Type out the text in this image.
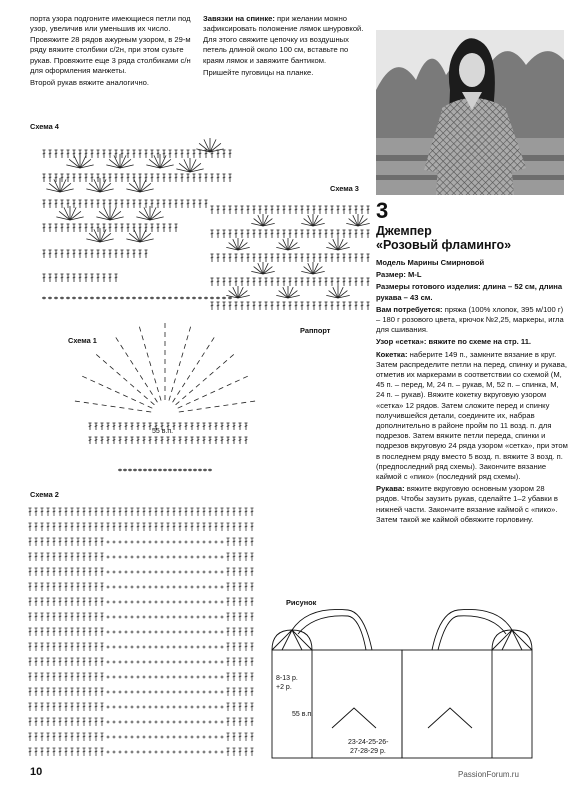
порта узора подгоните имеющиеся петли под узор, увеличив или уменьшив их число. Провяжите 28 рядов ажурным узором, в 29-м ряду вяжите столбики с/2н, при этом сузьте рукав. Провяжите еще 3 ряда столбиками с/н для оформления манжеты.

Второй рукав вяжите аналогично.

Завязки на спинке: при желании можно зафиксировать положение лямок шнуровкой. Для этого свяжите цепочку из воздушных петель длиной около 100 см, вставьте по краям лямок и завяжите бантиком.

Пришейте пуговицы на планке.

3
Джемпер
«Розовый фламинго»

Модель Марины Смирновой

Размер: M-L

Размеры готового изделия: длина – 52 см, длина рукава – 43 см.

Вам потребуется: пряжа (100% хлопок, 395 м/100 г) – 180 г розового цвета, крючок №2,25, маркеры, игла для сшивания.

Узор «сетка»: вяжите по схеме на стр. 11.

Кокетка: наберите 149 п., замкните вязание в круг. Затем распределите петли на перед, спинку и рукава, отметив их маркерами в соответствии со схемой (М, 45 п. – перед, М, 24 п. – рукав, М, 52 п. – спинка, М, 24 п. – рукав). Вяжите кокетку вкруговую узором «сетка» 12 рядов. Затем сложите перед и спинку получившейся детали, соедините их, набрав дополнительно в районе пройм по 11 возд. п. для подрезов. Затем вяжите петли переда, спинки и подрезов вкруговую 24 ряда узором «сетка», при этом в последнем ряду вместо 5 возд. п. вяжите 3 возд. п. (предпоследний ряд схемы). Закончите вязание каймой с «пико» (последний ряд схемы).

Рукава: вяжите вкруговую основным узором 28 рядов. Чтобы заузить рукав, сделайте 1–2 убавки в нижней части. Закончите вязание каймой с «пико». Затем такой же каймой обвяжите горловину.

Схема 4
Схема 3
Схема 1
Схема 2
Раппорт
Рисунок
55 в.п.
8-13 р.
+2 р.
55 в.п.
23-24-25-26-
27-28-29 р.
10	PassionForum.ru
